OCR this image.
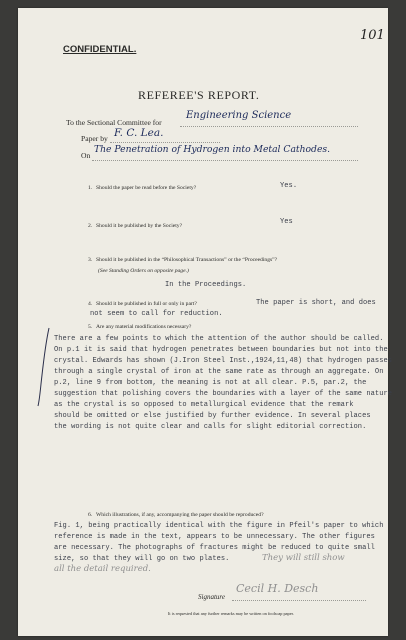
101
CONFIDENTIAL.
REFEREE'S REPORT.
To the Sectional Committee for
Engineering Science
Paper by F. C. Lea.
On
The Penetration of Hydrogen into Metal Cathodes.
1. Should the paper be read before the Society?	Yes.
2. Should it be published by the Society?	Yes
3. Should it be published in the “Philosophical Transactions” or the “Proceedings”?
(See Standing Orders on opposite page.)
In the Proceedings.
4. Should it be published in full or only in part?	The paper is short, and does
not seem to call for reduction.
5. Are any material modifications necessary?
There are a few points to which the attention of the author should be called.
On p.1 it is said that hydrogen penetrates between boundaries but not into the
crystal. Edwards has shown (J.Iron Steel Inst.,1924,11,48) that hydrogen passes
through a single crystal of iron at the same rate as through an aggregate. On
p.2, line 9 from bottom, the meaning is not at all clear. P.5, par.2, the
suggestion that polishing covers the boundaries with a layer of the same nature
as the crystal is so opposed to metallurgical evidence that the remark
should be omitted or else justified by further evidence. In several places
the wording is not quite clear and calls for slight editorial correction.
6. Which illustrations, if any, accompanying the paper should be reproduced?
Fig. 1, being practically identical with the figure in Pfeil's paper to which
reference is made in the text, appears to be unnecessary. The other figures
are necessary. The photographs of fractures might be reduced to quite small
size, so that they will go on two plates.	They will still show
all the detail required.
Signature
Cecil H. Desch
It is requested that any further remarks may be written on foolscap paper.
